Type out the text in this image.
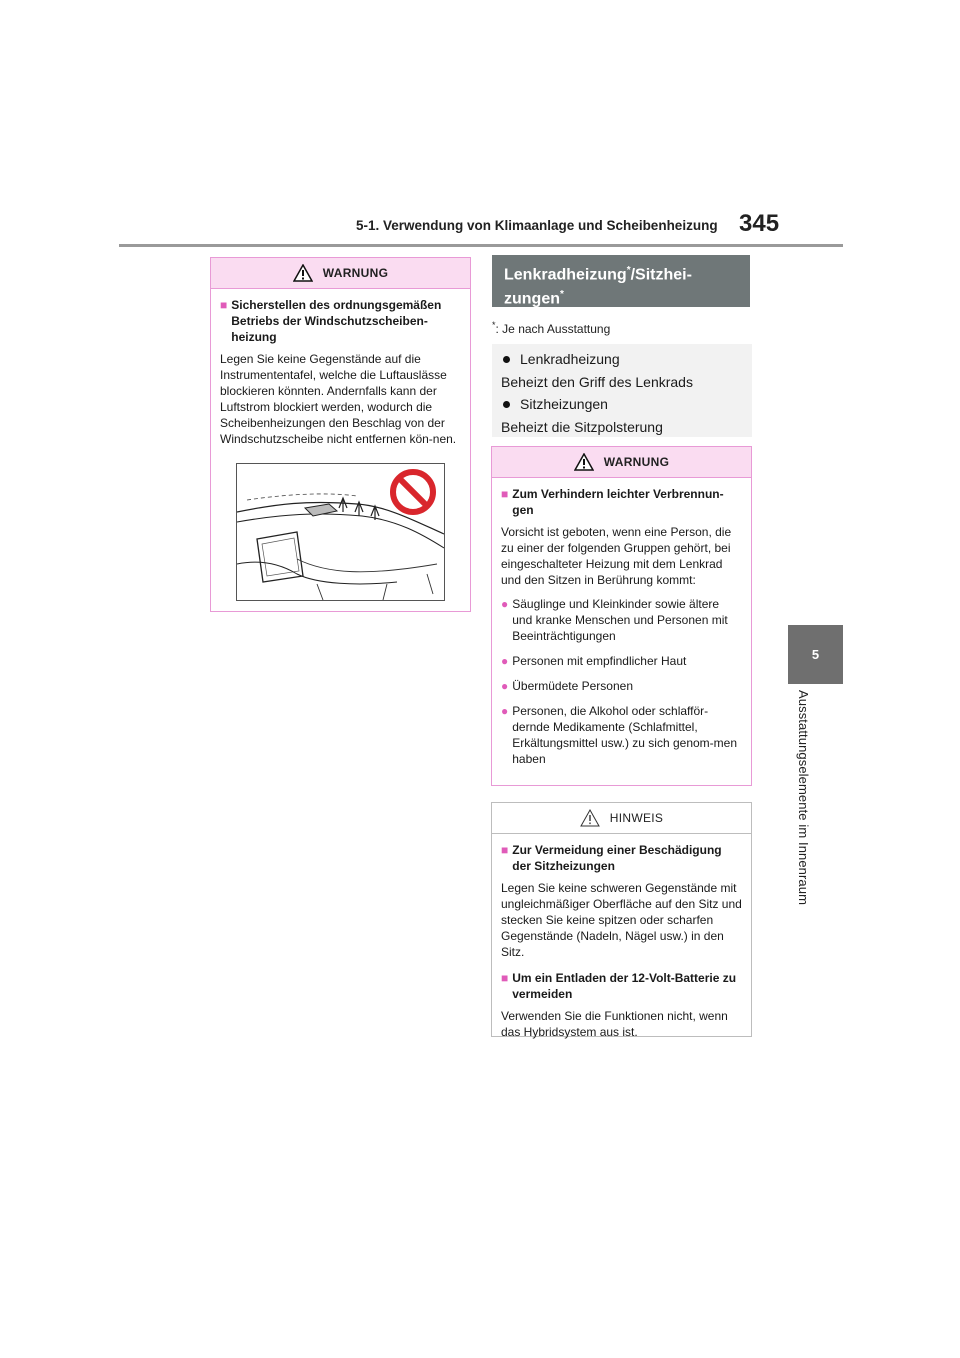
5-1. Verwendung von Klimaanlage und Scheibenheizung 345
5
Ausstattungselemente im Innenraum
WARNUNG
■ Sicherstellen des ordnungsgemäßen Betriebs der Windschutzscheiben-heizung

Legen Sie keine Gegenstände auf die Instrumententafel, welche die Luftauslässe blockieren könnten. Andernfalls kann der Luftstrom blockiert werden, wodurch die Scheibenheizungen den Beschlag von der Windschutzscheibe nicht entfernen kön-nen.

Lenkradheizung*/Sitzhei-
zungen*
*: Je nach Ausstattung
Lenkradheizung
Beheizt den Griff des Lenkrads
Sitzheizungen
Beheizt die Sitzpolsterung
WARNUNG
■ Zum Verhindern leichter Verbrennun-gen

Vorsicht ist geboten, wenn eine Person, die zu einer der folgenden Gruppen gehört, bei eingeschalteter Heizung mit dem Lenkrad und den Sitzen in Berührung kommt:

● Säuglinge und Kleinkinder sowie ältere und kranke Menschen und Personen mit Beeinträchtigungen
● Personen mit empfindlicher Haut
● Übermüdete Personen
● Personen, die Alkohol oder schlafför-dernde Medikamente (Schlafmittel, Erkältungsmittel usw.) zu sich genom-men haben
HINWEIS
■ Zur Vermeidung einer Beschädigung der Sitzheizungen

Legen Sie keine schweren Gegenstände mit ungleichmäßiger Oberfläche auf den Sitz und stecken Sie keine spitzen oder scharfen Gegenstände (Nadeln, Nägel usw.) in den Sitz.

■ Um ein Entladen der 12-Volt-Batterie zu vermeiden

Verwenden Sie die Funktionen nicht, wenn das Hybridsystem aus ist.
